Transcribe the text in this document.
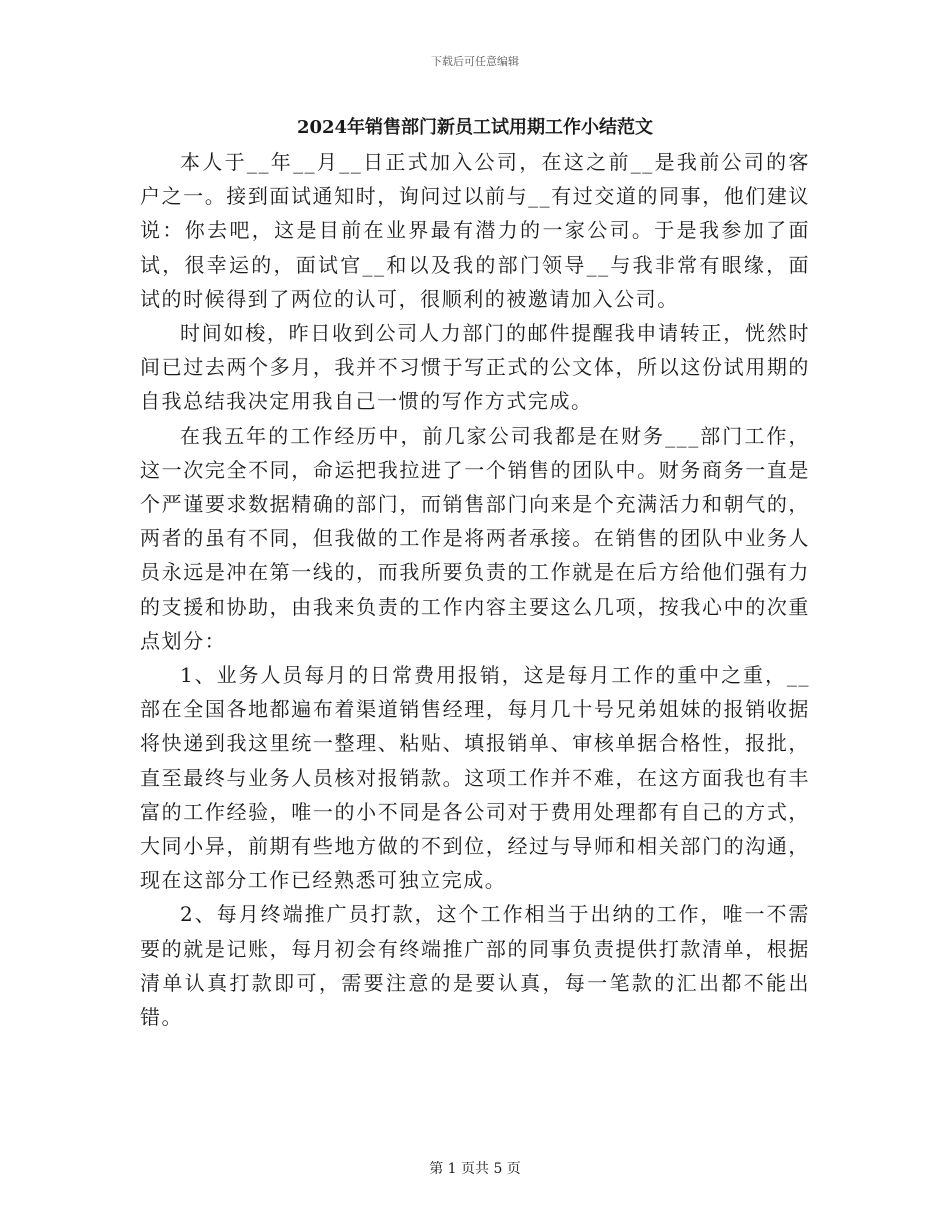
下载后可任意编辑
2024年销售部门新员工试用期工作小结范文

本人于__年__月__日正式加入公司，在这之前__是我前公司的客户之一。接到面试通知时，询问过以前与__有过交道的同事，他们建议说：你去吧，这是目前在业界最有潜力的一家公司。于是我参加了面试，很幸运的，面试官__和以及我的部门领导__与我非常有眼缘，面试的时候得到了两位的认可，很顺利的被邀请加入公司。

时间如梭，昨日收到公司人力部门的邮件提醒我申请转正，恍然时间已过去两个多月，我并不习惯于写正式的公文体，所以这份试用期的自我总结我决定用我自己一惯的写作方式完成。

在我五年的工作经历中，前几家公司我都是在财务___部门工作，这一次完全不同，命运把我拉进了一个销售的团队中。财务商务一直是个严谨要求数据精确的部门，而销售部门向来是个充满活力和朝气的，两者的虽有不同，但我做的工作是将两者承接。在销售的团队中业务人员永远是冲在第一线的，而我所要负责的工作就是在后方给他们强有力的支援和协助，由我来负责的工作内容主要这么几项，按我心中的次重点划分：

1、业务人员每月的日常费用报销，这是每月工作的重中之重，__部在全国各地都遍布着渠道销售经理，每月几十号兄弟姐妹的报销收据将快递到我这里统一整理、粘贴、填报销单、审核单据合格性，报批，直至最终与业务人员核对报销款。这项工作并不难，在这方面我也有丰富的工作经验，唯一的小不同是各公司对于费用处理都有自己的方式，大同小异，前期有些地方做的不到位，经过与导师和相关部门的沟通，现在这部分工作已经熟悉可独立完成。

2、每月终端推广员打款，这个工作相当于出纳的工作，唯一不需要的就是记账，每月初会有终端推广部的同事负责提供打款清单，根据清单认真打款即可，需要注意的是要认真，每一笔款的汇出都不能出错。

第 1 页共 5 页
